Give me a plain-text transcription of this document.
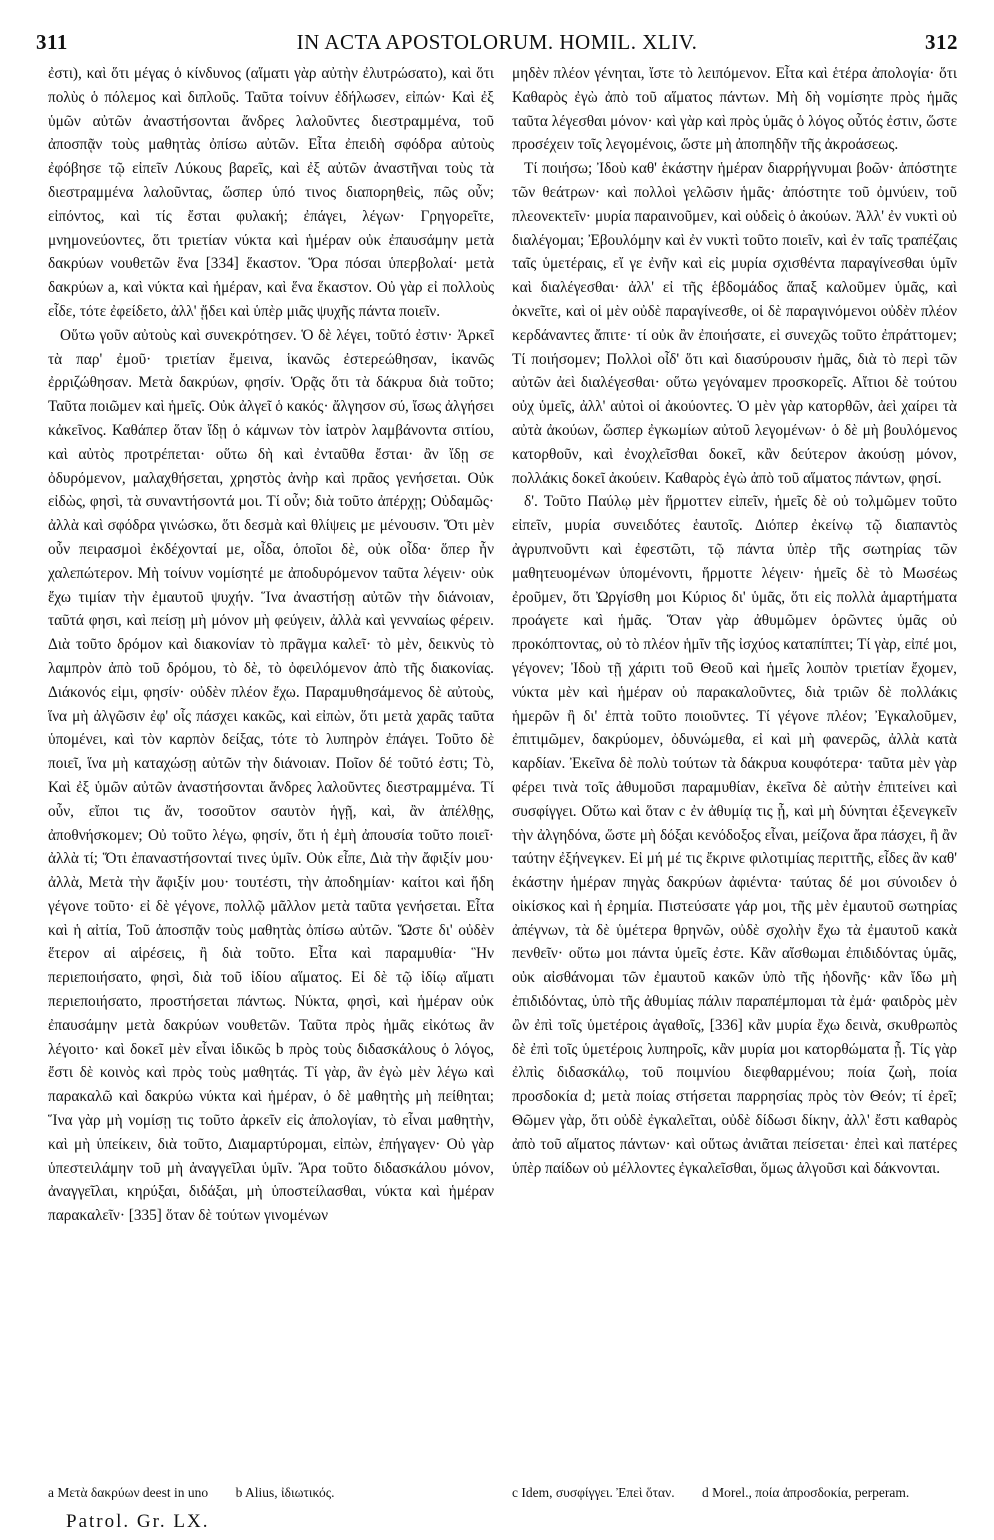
311	IN ACTA APOSTOLORUM. HOMIL. XLIV.	312

ἐστι), καὶ ὅτι μέγας ὁ κίνδυνος (αἵματι γὰρ αὐτὴν ἐλυτρώσατο), καὶ ὅτι πολὺς ὁ πόλεμος καὶ διπλοῦς. Ταῦτα τοίνυν ἐδήλωσεν, εἰπών· Καὶ ἐξ ὑμῶν αὐτῶν ἀναστήσονται ἄνδρες λαλοῦντες διεστραμμένα, τοῦ ἀποσπᾷν τοὺς μαθητὰς ὀπίσω αὐτῶν. Εἶτα ἐπειδὴ σφόδρα αὐτοὺς ἐφόβησε τῷ εἰπεῖν Λύκους βαρεῖς, καὶ ἐξ αὐτῶν ἀναστῆναι τοὺς τὰ διεστραμμένα λαλοῦντας, ὥσπερ ὑπό τινος διαπορηθεὶς, πῶς οὖν; εἰπόντος, καὶ τίς ἔσται φυλακή; ἐπάγει, λέγων· Γρηγορεῖτε, μνημονεύοντες, ὅτι τριετίαν νύκτα καὶ ἡμέραν οὐκ ἐπαυσάμην μετὰ δακρύων νουθετῶν ἕνα [334] ἕκαστον. Ὅρα πόσαι ὑπερβολαί· μετὰ δακρύων a, καὶ νύκτα καὶ ἡμέραν, καὶ ἕνα ἕκαστον. Οὐ γὰρ εἰ πολλοὺς εἶδε, τότε ἐφείδετο, ἀλλ' ᾔδει καὶ ὑπὲρ μιᾶς ψυχῆς πάντα ποιεῖν.

Οὕτω γοῦν αὐτοὺς καὶ συνεκρότησεν. Ὁ δὲ λέγει, τοῦτό ἐστιν· Ἀρκεῖ τὰ παρ' ἐμοῦ· τριετίαν ἔμεινα, ἱκανῶς ἐστερεώθησαν, ἱκανῶς ἐρριζώθησαν. Μετὰ δακρύων, φησίν. Ὁρᾷς ὅτι τὰ δάκρυα διὰ τοῦτο; Ταῦτα ποιῶμεν καὶ ἡμεῖς. Οὐκ ἀλγεῖ ὁ κακός· ἄλγησον σύ, ἴσως ἀλγήσει κἀκεῖνος. Καθάπερ ὅταν ἴδῃ ὁ κάμνων τὸν ἰατρὸν λαμβάνοντα σιτίου, καὶ αὐτὸς προτρέπεται· οὕτω δὴ καὶ ἐνταῦθα ἔσται· ἂν ἴδῃ σε ὀδυρόμενον, μαλαχθήσεται, χρηστὸς ἀνὴρ καὶ πρᾶος γενήσεται. Οὐκ εἰδὼς, φησὶ, τὰ συναντήσοντά μοι. Τί οὖν; διὰ τοῦτο ἀπέρχῃ; Οὐδαμῶς· ἀλλὰ καὶ σφόδρα γινώσκω, ὅτι δεσμὰ καὶ θλίψεις με μένουσιν. Ὅτι μὲν οὖν πειρασμοὶ ἐκδέχονταί με, οἶδα, ὁποῖοι δὲ, οὐκ οἶδα· ὅπερ ἦν χαλεπώτερον. Μὴ τοίνυν νομίσητέ με ἀποδυρόμενον ταῦτα λέγειν· οὐκ ἔχω τιμίαν τὴν ἐμαυτοῦ ψυχήν. Ἵνα ἀναστήσῃ αὐτῶν τὴν διάνοιαν, ταῦτά φησι, καὶ πείσῃ μὴ μόνον μὴ φεύγειν, ἀλλὰ καὶ γενναίως φέρειν. Διὰ τοῦτο δρόμον καὶ διακονίαν τὸ πρᾶγμα καλεῖ· τὸ μὲν, δεικνὺς τὸ λαμπρὸν ἀπὸ τοῦ δρόμου, τὸ δὲ, τὸ ὀφειλόμενον ἀπὸ τῆς διακονίας. Διάκονός εἰμι, φησίν· οὐδὲν πλέον ἔχω. Παραμυθησάμενος δὲ αὐτοὺς, ἵνα μὴ ἀλγῶσιν ἐφ' οἷς πάσχει κακῶς, καὶ εἰπὼν, ὅτι μετὰ χαρᾶς ταῦτα ὑπομένει, καὶ τὸν καρπὸν δείξας, τότε τὸ λυπηρὸν ἐπάγει. Τοῦτο δὲ ποιεῖ, ἵνα μὴ καταχώσῃ αὐτῶν τὴν διάνοιαν. Ποῖον δέ τοῦτό ἐστι; Τὸ, Καὶ ἐξ ὑμῶν αὐτῶν ἀναστήσονται ἄνδρες λαλοῦντες διεστραμμένα. Τί οὖν, εἴποι τις ἄν, τοσοῦτον σαυτὸν ἡγῇ, καὶ, ἂν ἀπέλθῃς, ἀποθνήσκομεν; Οὐ τοῦτο λέγω, φησίν, ὅτι ἡ ἐμὴ ἀπουσία τοῦτο ποιεῖ· ἀλλὰ τί; Ὅτι ἐπαναστήσονταί τινες ὑμῖν. Οὐκ εἶπε, Διὰ τὴν ἄφιξίν μου· ἀλλὰ, Μετὰ τὴν ἄφιξίν μου· τουτέστι, τὴν ἀποδημίαν· καίτοι καὶ ἤδη γέγονε τοῦτο· εἰ δὲ γέγονε, πολλῷ μᾶλλον μετὰ ταῦτα γενήσεται. Εἶτα καὶ ἡ αἰτία, Τοῦ ἀποσπᾷν τοὺς μαθητὰς ὀπίσω αὐτῶν. Ὥστε δι' οὐδὲν ἕτερον αἱ αἱρέσεις, ἢ διὰ τοῦτο. Εἶτα καὶ παραμυθία· Ἣν περιεποιήσατο, φησὶ, διὰ τοῦ ἰδίου αἵματος. Εἰ δὲ τῷ ἰδίῳ αἵματι περιεποιήσατο, προστήσεται πάντως. Νύκτα, φησὶ, καὶ ἡμέραν οὐκ ἐπαυσάμην μετὰ δακρύων νουθετῶν. Ταῦτα πρὸς ἡμᾶς εἰκότως ἂν λέγοιτο· καὶ δοκεῖ μὲν εἶναι ἰδικῶς b πρὸς τοὺς διδασκάλους ὁ λόγος, ἔστι δὲ κοινὸς καὶ πρὸς τοὺς μαθητάς. Τί γὰρ, ἂν ἐγὼ μὲν λέγω καὶ παρακαλῶ καὶ δακρύω νύκτα καὶ ἡμέραν, ὁ δὲ μαθητὴς μὴ πείθηται; Ἵνα γὰρ μὴ νομίσῃ τις τοῦτο ἀρκεῖν εἰς ἀπολογίαν, τὸ εἶναι μαθητὴν, καὶ μὴ ὑπείκειν, διὰ τοῦτο, Διαμαρτύρομαι, εἰπὼν, ἐπήγαγεν· Οὐ γὰρ ὑπεστειλάμην τοῦ μὴ ἀναγγεῖλαι ὑμῖν. Ἄρα τοῦτο διδασκάλου μόνον, ἀναγγεῖλαι, κηρύξαι, διδάξαι, μὴ ὑποστείλασθαι, νύκτα καὶ ἡμέραν παρακαλεῖν· [335] ὅταν δὲ τούτων γινομένων

μηδὲν πλέον γένηται, ἴστε τὸ λειπόμενον. Εἶτα καὶ ἑτέρα ἀπολογία· ὅτι Καθαρὸς ἐγὼ ἀπὸ τοῦ αἵματος πάντων. Μὴ δὴ νομίσητε πρὸς ἡμᾶς ταῦτα λέγεσθαι μόνον· καὶ γὰρ καὶ πρὸς ὑμᾶς ὁ λόγος οὗτός ἐστιν, ὥστε προσέχειν τοῖς λεγομένοις, ὥστε μὴ ἀποπηδῆν τῆς ἀκροάσεως.

Τί ποιήσω; Ἰδοὺ καθ' ἑκάστην ἡμέραν διαρρήγνυμαι βοῶν· ἀπόστητε τῶν θεάτρων· καὶ πολλοὶ γελῶσιν ἡμᾶς· ἀπόστητε τοῦ ὀμνύειν, τοῦ πλεονεκτεῖν· μυρία παραινοῦμεν, καὶ οὐδεὶς ὁ ἀκούων. Ἀλλ' ἐν νυκτὶ οὐ διαλέγομαι; Ἐβουλόμην καὶ ἐν νυκτὶ τοῦτο ποιεῖν, καὶ ἐν ταῖς τραπέζαις ταῖς ὑμετέραις, εἴ γε ἐνῆν καὶ εἰς μυρία σχισθέντα παραγίνεσθαι ὑμῖν καὶ διαλέγεσθαι· ἀλλ' εἰ τῆς ἑβδομάδος ἅπαξ καλοῦμεν ὑμᾶς, καὶ ὀκνεῖτε, καὶ οἱ μὲν οὐδὲ παραγίνεσθε, οἱ δὲ παραγινόμενοι οὐδὲν πλέον κερδάναντες ἄπιτε· τί οὐκ ἂν ἐποιήσατε, εἰ συνεχῶς τοῦτο ἐπράττομεν; Τί ποιήσομεν; Πολλοὶ οἶδ' ὅτι καὶ διασύρουσιν ἡμᾶς, διὰ τὸ περὶ τῶν αὐτῶν ἀεὶ διαλέγεσθαι· οὕτω γεγόναμεν προσκορεῖς. Αἴτιοι δὲ τούτου οὐχ ὑμεῖς, ἀλλ' αὐτοὶ οἱ ἀκούοντες. Ὁ μὲν γὰρ κατορθῶν, ἀεὶ χαίρει τὰ αὐτὰ ἀκούων, ὥσπερ ἐγκωμίων αὐτοῦ λεγομένων· ὁ δὲ μὴ βουλόμενος κατορθοῦν, καὶ ἐνοχλεῖσθαι δοκεῖ, κἂν δεύτερον ἀκούσῃ μόνον, πολλάκις δοκεῖ ἀκούειν. Καθαρὸς ἐγὼ ἀπὸ τοῦ αἵματος πάντων, φησί.

δ'. Τοῦτο Παύλῳ μὲν ἥρμοττεν εἰπεῖν, ἡμεῖς δὲ οὐ τολμῶμεν τοῦτο εἰπεῖν, μυρία συνειδότες ἑαυτοῖς. Διόπερ ἐκείνῳ τῷ διαπαντὸς ἀγρυπνοῦντι καὶ ἐφεστῶτι, τῷ πάντα ὑπὲρ τῆς σωτηρίας τῶν μαθητευομένων ὑπομένοντι, ἥρμοττε λέγειν· ἡμεῖς δὲ τὸ Μωσέως ἐροῦμεν, ὅτι Ὠργίσθη μοι Κύριος δι' ὑμᾶς, ὅτι εἰς πολλὰ ἁμαρτήματα προάγετε καὶ ἡμᾶς. Ὅταν γὰρ ἀθυμῶμεν ὁρῶντες ὑμᾶς οὐ προκόπτοντας, οὐ τὸ πλέον ἡμῖν τῆς ἰσχύος καταπίπτει; Τί γὰρ, εἰπέ μοι, γέγονεν; Ἰδοὺ τῇ χάριτι τοῦ Θεοῦ καὶ ἡμεῖς λοιπὸν τριετίαν ἔχομεν, νύκτα μὲν καὶ ἡμέραν οὐ παρακαλοῦντες, διὰ τριῶν δὲ πολλάκις ἡμερῶν ἢ δι' ἑπτὰ τοῦτο ποιοῦντες. Τί γέγονε πλέον; Ἐγκαλοῦμεν, ἐπιτιμῶμεν, δακρύομεν, ὀδυνώμεθα, εἰ καὶ μὴ φανερῶς, ἀλλὰ κατὰ καρδίαν. Ἐκεῖνα δὲ πολὺ τούτων τὰ δάκρυα κουφότερα· ταῦτα μὲν γὰρ φέρει τινὰ τοῖς ἀθυμοῦσι παραμυθίαν, ἐκεῖνα δὲ αὐτὴν ἐπιτείνει καὶ συσφίγγει. Οὕτω καὶ ὅταν c ἐν ἀθυμίᾳ τις ᾖ, καὶ μὴ δύνηται ἐξενεγκεῖν τὴν ἀλγηδόνα, ὥστε μὴ δόξαι κενόδοξος εἶναι, μείζονα ἄρα πάσχει, ἢ ἂν ταύτην ἐξήνεγκεν. Εἰ μή μέ τις ἔκρινε φιλοτιμίας περιττῆς, εἶδες ἂν καθ' ἑκάστην ἡμέραν πηγὰς δακρύων ἀφιέντα· ταύτας δέ μοι σύνοιδεν ὁ οἰκίσκος καὶ ἡ ἐρημία. Πιστεύσατε γάρ μοι, τῆς μὲν ἐμαυτοῦ σωτηρίας ἀπέγνων, τὰ δὲ ὑμέτερα θρηνῶν, οὐδὲ σχολὴν ἔχω τὰ ἐμαυτοῦ κακὰ πενθεῖν· οὕτω μοι πάντα ὑμεῖς ἐστε. Κἂν αἴσθωμαι ἐπιδιδόντας ὑμᾶς, οὐκ αἰσθάνομαι τῶν ἐμαυτοῦ κακῶν ὑπὸ τῆς ἡδονῆς· κἂν ἴδω μὴ ἐπιδιδόντας, ὑπὸ τῆς ἀθυμίας πάλιν παραπέμπομαι τὰ ἐμά· φαιδρὸς μὲν ὢν ἐπὶ τοῖς ὑμετέροις ἀγαθοῖς, [336] κἂν μυρία ἔχω δεινὰ, σκυθρωπὸς δὲ ἐπὶ τοῖς ὑμετέροις λυπηροῖς, κἂν μυρία μοι κατορθώματα ᾖ. Τίς γὰρ ἐλπὶς διδασκάλῳ, τοῦ ποιμνίου διεφθαρμένου; ποία ζωὴ, ποία προσδοκία d; μετὰ ποίας στήσεται παρρησίας πρὸς τὸν Θεόν; τί ἐρεῖ; Θῶμεν γὰρ, ὅτι οὐδὲ ἐγκαλεῖται, οὐδὲ δίδωσι δίκην, ἀλλ' ἔστι καθαρὸς ἀπὸ τοῦ αἵματος πάντων· καὶ οὕτως ἀνιᾶται πείσεται· ἐπεὶ καὶ πατέρες ὑπὲρ παίδων οὐ μέλλοντες ἐγκαλεῖσθαι, ὅμως ἀλγοῦσι καὶ δάκνονται.

a Μετὰ δακρύων deest in uno b Alius, ἰδιωτικός.	c Idem, συσφίγγει. Ἐπεὶ ὅταν. d Morel., ποία ἀπροσδοκία, perperam.
Patrol. Gr. LX.
